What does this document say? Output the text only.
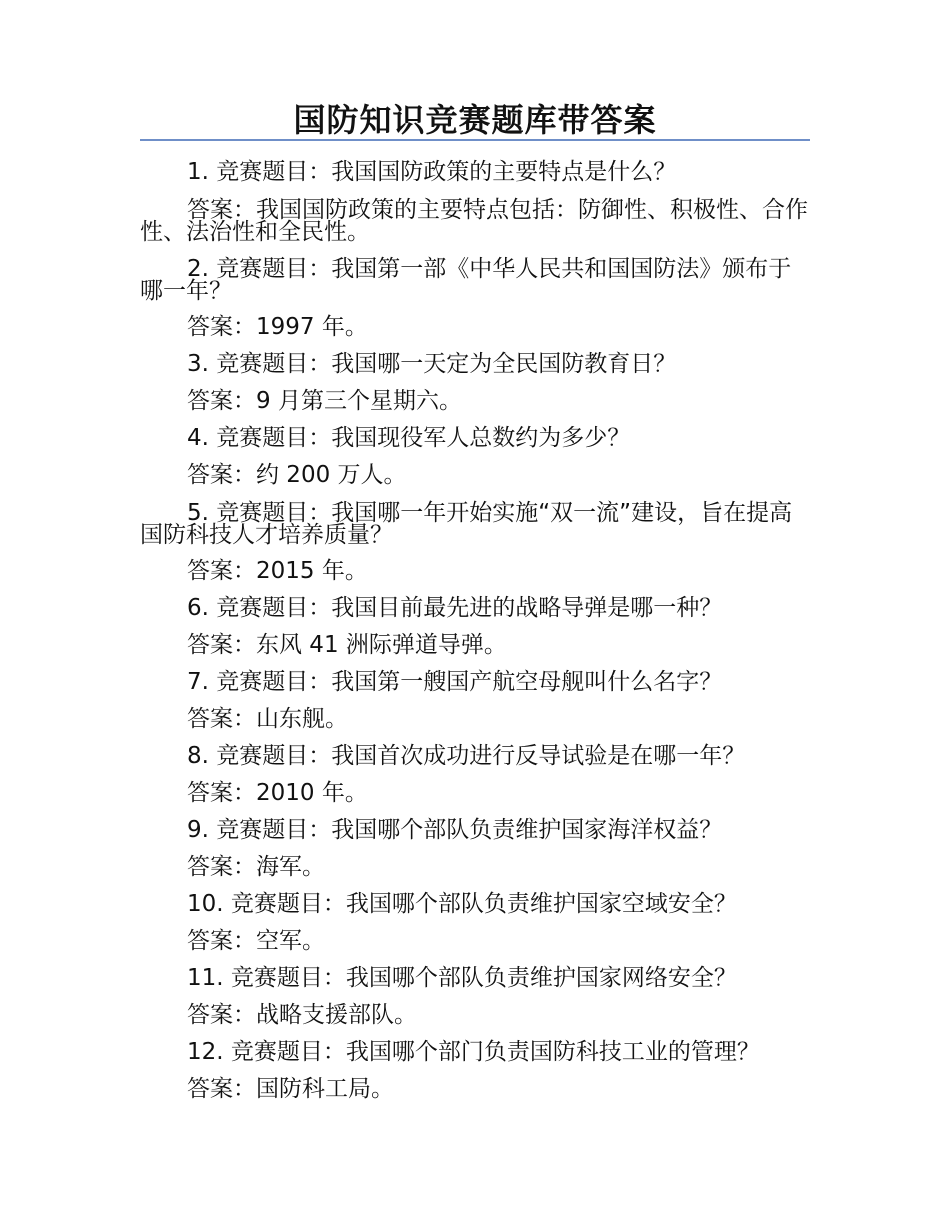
国防知识竞赛题库带答案

1. 竞赛题目：我国国防政策的主要特点是什么？

答案：我国国防政策的主要特点包括：防御性、积极性、合作性、法治性和全民性。

2. 竞赛题目：我国第一部《中华人民共和国国防法》颁布于哪一年？

答案：1997 年。

3. 竞赛题目：我国哪一天定为全民国防教育日？

答案：9 月第三个星期六。

4. 竞赛题目：我国现役军人总数约为多少？

答案：约 200 万人。

5. 竞赛题目：我国哪一年开始实施“双一流”建设，旨在提高国防科技人才培养质量？

答案：2015 年。

6. 竞赛题目：我国目前最先进的战略导弹是哪一种？

答案：东风 41 洲际弹道导弹。

7. 竞赛题目：我国第一艘国产航空母舰叫什么名字？

答案：山东舰。

8. 竞赛题目：我国首次成功进行反导试验是在哪一年？

答案：2010 年。

9. 竞赛题目：我国哪个部队负责维护国家海洋权益？

答案：海军。

10. 竞赛题目：我国哪个部队负责维护国家空域安全？

答案：空军。

11. 竞赛题目：我国哪个部队负责维护国家网络安全？

答案：战略支援部队。

12. 竞赛题目：我国哪个部门负责国防科技工业的管理？

答案：国防科工局。
